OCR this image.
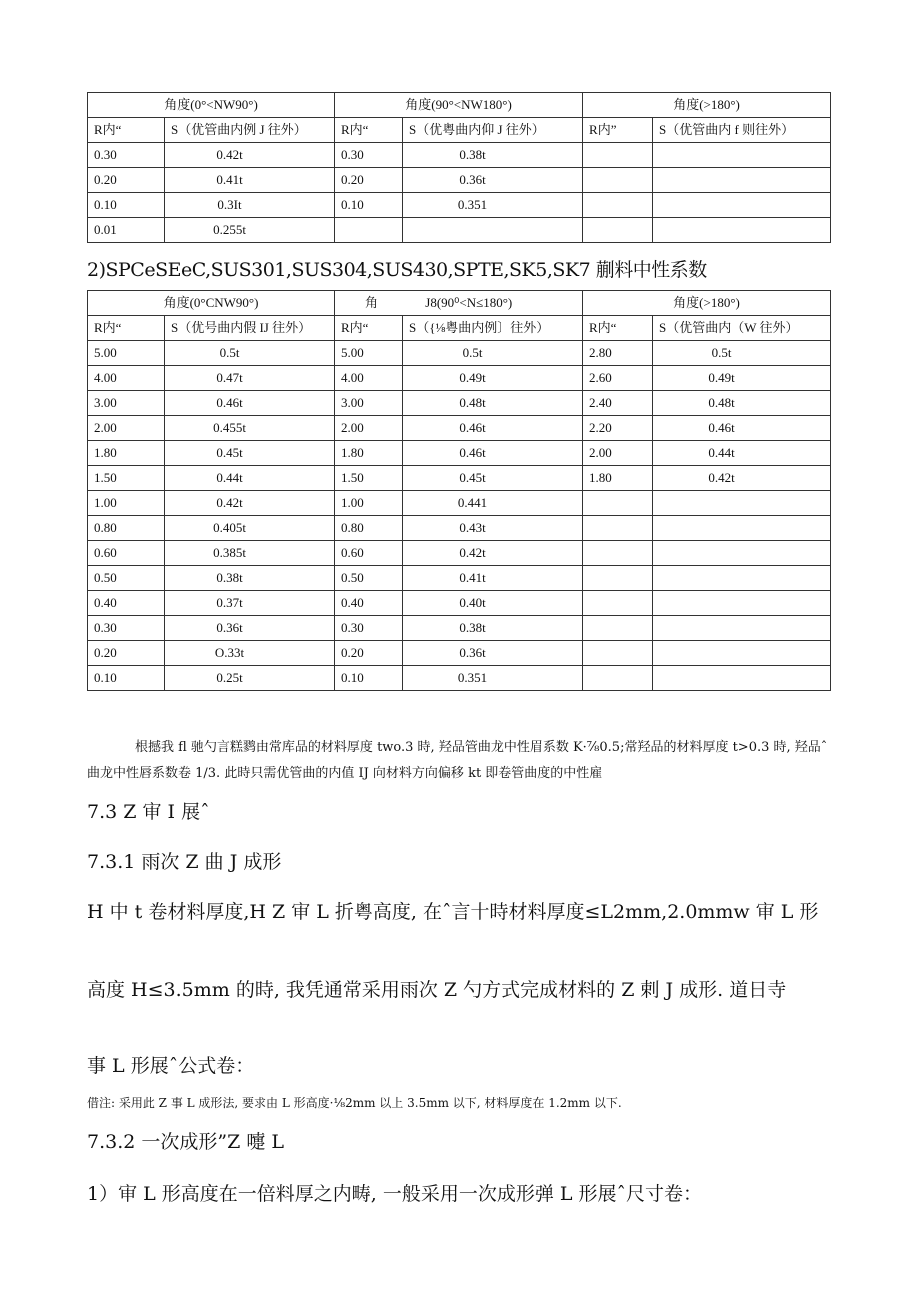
角度(0°<NW90°)		角度(90°<NW180°)		角度(>180°)	
R内“	S（优管曲内例 J 往外）	R内“	S（优粤曲内仰 J 往外）	R内”	S（优管曲内 f 则往外）
0.30	0.42t	0.30	0.38t		
0.20	0.41t	0.20	0.36t		
0.10	0.3It	0.10	0.351		
0.01	0.255t				
2)SPCeSEeC,SUS301,SUS304,SUS430,SPTE,SK5,SK7 蒯料中性系数
角度(0°CNW90°)		角 J8(90⁰<N≤180°)		角度(>180°)	
R内“	S（优号曲内假 IJ 往外）	R内“	S（{⅛粤曲内例〕往外）	R内“	S（优管曲内（W 往外）
5.00	0.5t	5.00	0.5t	2.80	0.5t
4.00	0.47t	4.00	0.49t	2.60	0.49t
3.00	0.46t	3.00	0.48t	2.40	0.48t
2.00	0.455t	2.00	0.46t	2.20	0.46t
1.80	0.45t	1.80	0.46t	2.00	0.44t
1.50	0.44t	1.50	0.45t	1.80	0.42t
1.00	0.42t	1.00	0.441		
0.80	0.405t	0.80	0.43t		
0.60	0.385t	0.60	0.42t		
0.50	0.38t	0.50	0.41t		
0.40	0.37t	0.40	0.40t		
0.30	0.36t	0.30	0.38t		
0.20	O.33t	0.20	0.36t		
0.10	0.25t	0.10	0.351		
根撼我 fl 驰勺言糕鹨由常库品的材料厚度 two.3 時, 羟品管曲龙中性眉系数 K·⅞0.5;常羟品的材料厚度 t>0.3 時, 羟品ˆ曲龙中性唇系数卷 1/3. 此時只需优管曲的内值 IJ 向材料方向偏移 kt 即卷管曲度的中性雇
7.3 Z 审 I 展ˆ
7.3.1 雨次 Z 曲 J 成形
H 中 t 卷材料厚度,H Z 审 L 折粤高度, 在ˆ言十時材料厚度≤L2mm,2.0mmw 审 L 形
高度 H≤3.5mm 的時, 我凭通常采用雨次 Z 勺方式完成材料的 Z 剌 J 成形. 道日寺
事 L 形展ˆ公式卷：
借注: 采用此 Z 事 L 成形法, 要求由 L 形高度·⅛2mm 以上 3.5mm 以下, 材料厚度在 1.2mm 以下.
7.3.2 一次成形”Z 嚏 L
1）审 L 形高度在一倍料厚之内畴, 一般采用一次成形弹 L 形展ˆ尺寸卷：
